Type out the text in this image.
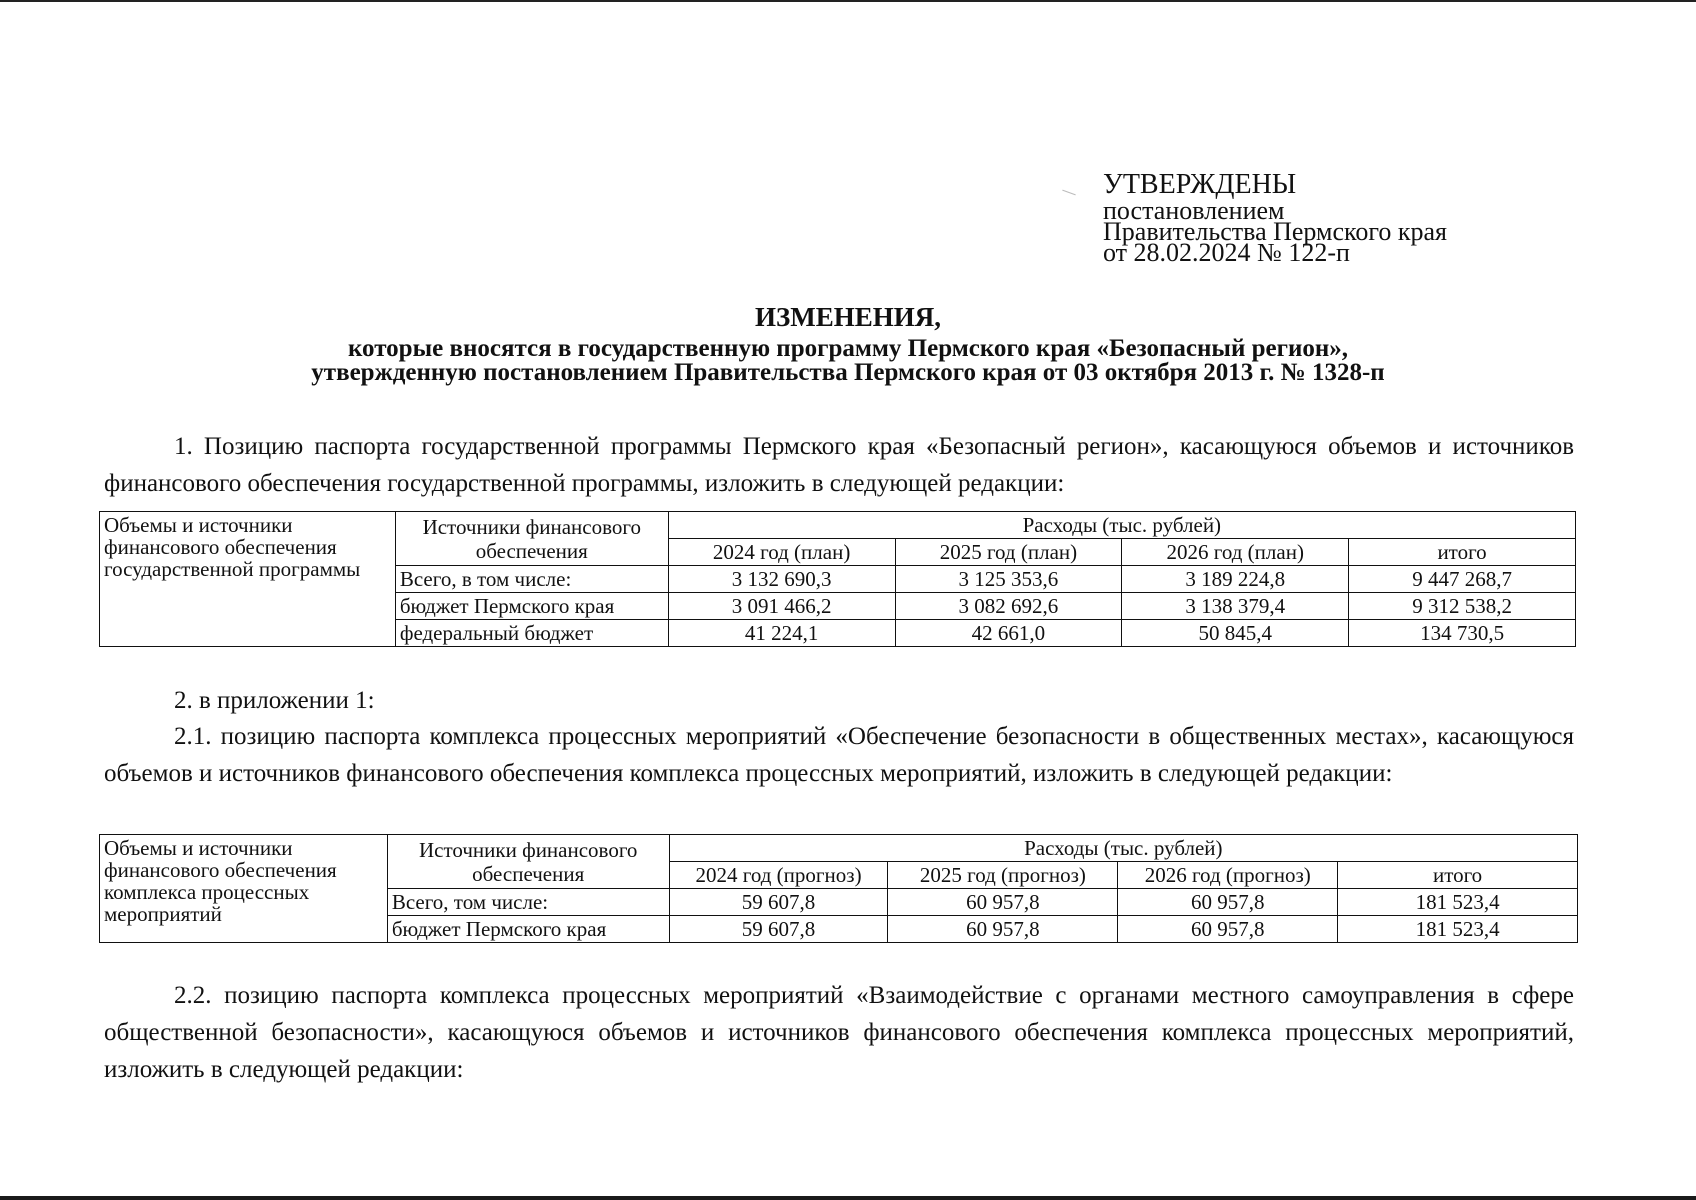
УТВЕРЖДЕНЫ
постановлением
Правительства Пермского края
от 28.02.2024 № 122-п
ИЗМЕНЕНИЯ,
которые вносятся в государственную программу Пермского края «Безопасный регион»,
утвержденную постановлением Правительства Пермского края от 03 октября 2013 г. № 1328-п
1. Позицию паспорта государственной программы Пермского края «Безопасный регион», касающуюся объемов и источников финансового обеспечения государственной программы, изложить в следующей редакции:
Объемы и источники финансового обеспечения государственной программы	Источники финансового обеспечения	Расходы (тыс. рублей)			
		2024 год (план)	2025 год (план)	2026 год (план)	итого
	Всего, в том числе:	3 132 690,3	3 125 353,6	3 189 224,8	9 447 268,7
	бюджет Пермского края	3 091 466,2	3 082 692,6	3 138 379,4	9 312 538,2
	федеральный бюджет	41 224,1	42 661,0	50 845,4	134 730,5
2. в приложении 1:
2.1. позицию паспорта комплекса процессных мероприятий «Обеспечение безопасности в общественных местах», касающуюся объемов и источников финансового обеспечения комплекса процессных мероприятий, изложить в следующей редакции:
Объемы и источники финансового обеспечения комплекса процессных мероприятий	Источники финансового обеспечения	Расходы (тыс. рублей)			
		2024 год (прогноз)	2025 год (прогноз)	2026 год (прогноз)	итого
	Всего, том числе:	59 607,8	60 957,8	60 957,8	181 523,4
	бюджет Пермского края	59 607,8	60 957,8	60 957,8	181 523,4
2.2. позицию паспорта комплекса процессных мероприятий «Взаимодействие с органами местного самоуправления в сфере общественной безопасности», касающуюся объемов и источников финансового обеспечения комплекса процессных мероприятий, изложить в следующей редакции:
